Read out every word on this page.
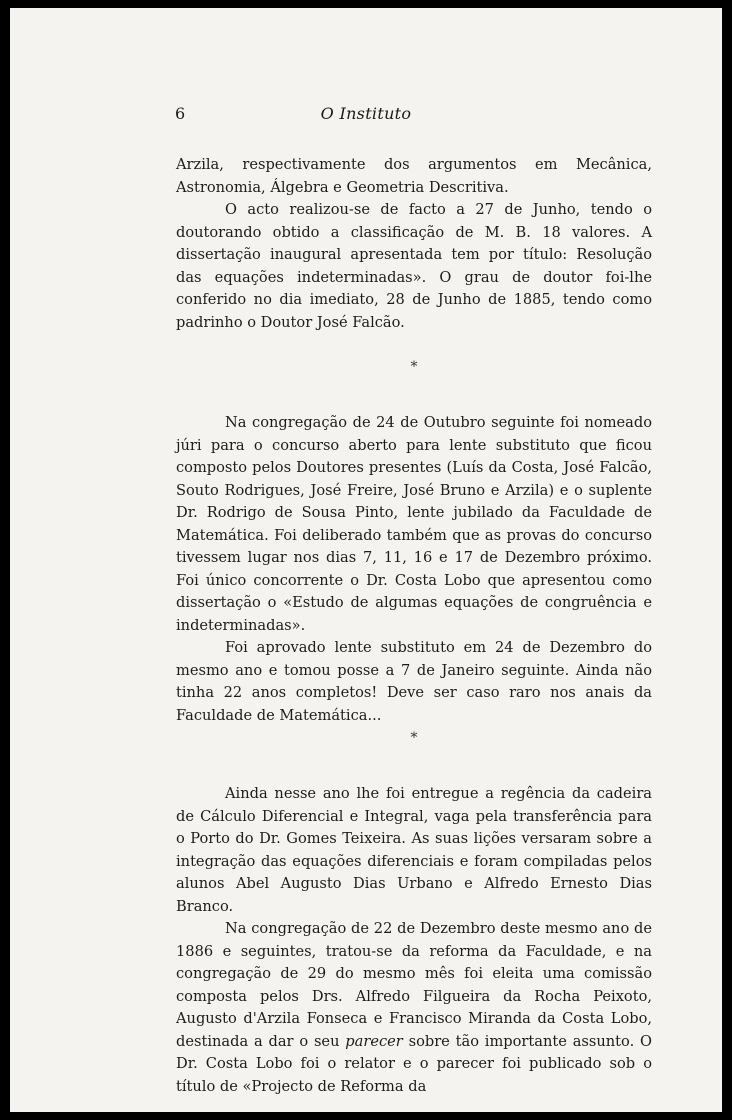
6	O Instituto

Arzila, respectivamente dos argumentos em Mecânica, Astronomia, Álgebra e Geometria Descritiva.

O acto realizou-se de facto a 27 de Junho, tendo o doutorando obtido a classificação de M. B. 18 valores. A dissertação inaugural apresentada tem por título: Resolução das equações indeterminadas». O grau de doutor foi-lhe conferido no dia imediato, 28 de Junho de 1885, tendo como padrinho o Doutor José Falcão.

*

Na congregação de 24 de Outubro seguinte foi nomeado júri para o concurso aberto para lente substituto que ficou composto pelos Doutores presentes (Luís da Costa, José Falcão, Souto Rodrigues, José Freire, José Bruno e Arzila) e o suplente Dr. Rodrigo de Sousa Pinto, lente jubilado da Faculdade de Matemática. Foi deliberado também que as provas do concurso tivessem lugar nos dias 7, 11, 16 e 17 de Dezembro próximo. Foi único concorrente o Dr. Costa Lobo que apresentou como dissertação o «Estudo de algumas equações de congruência e indeterminadas».

Foi aprovado lente substituto em 24 de Dezembro do mesmo ano e tomou posse a 7 de Janeiro seguinte. Ainda não tinha 22 anos completos! Deve ser caso raro nos anais da Faculdade de Matemática...

*

Ainda nesse ano lhe foi entregue a regência da cadeira de Cálculo Diferencial e Integral, vaga pela transferência para o Porto do Dr. Gomes Teixeira. As suas lições versaram sobre a integração das equações diferenciais e foram compiladas pelos alunos Abel Augusto Dias Urbano e Alfredo Ernesto Dias Branco.

Na congregação de 22 de Dezembro deste mesmo ano de 1886 e seguintes, tratou-se da reforma da Faculdade, e na congregação de 29 do mesmo mês foi eleita uma comissão composta pelos Drs. Alfredo Filgueira da Rocha Peixoto, Augusto d'Arzila Fonseca e Francisco Miranda da Costa Lobo, destinada a dar o seu parecer sobre tão importante assunto. O Dr. Costa Lobo foi o relator e o parecer foi publicado sob o título de «Projecto de Reforma da
